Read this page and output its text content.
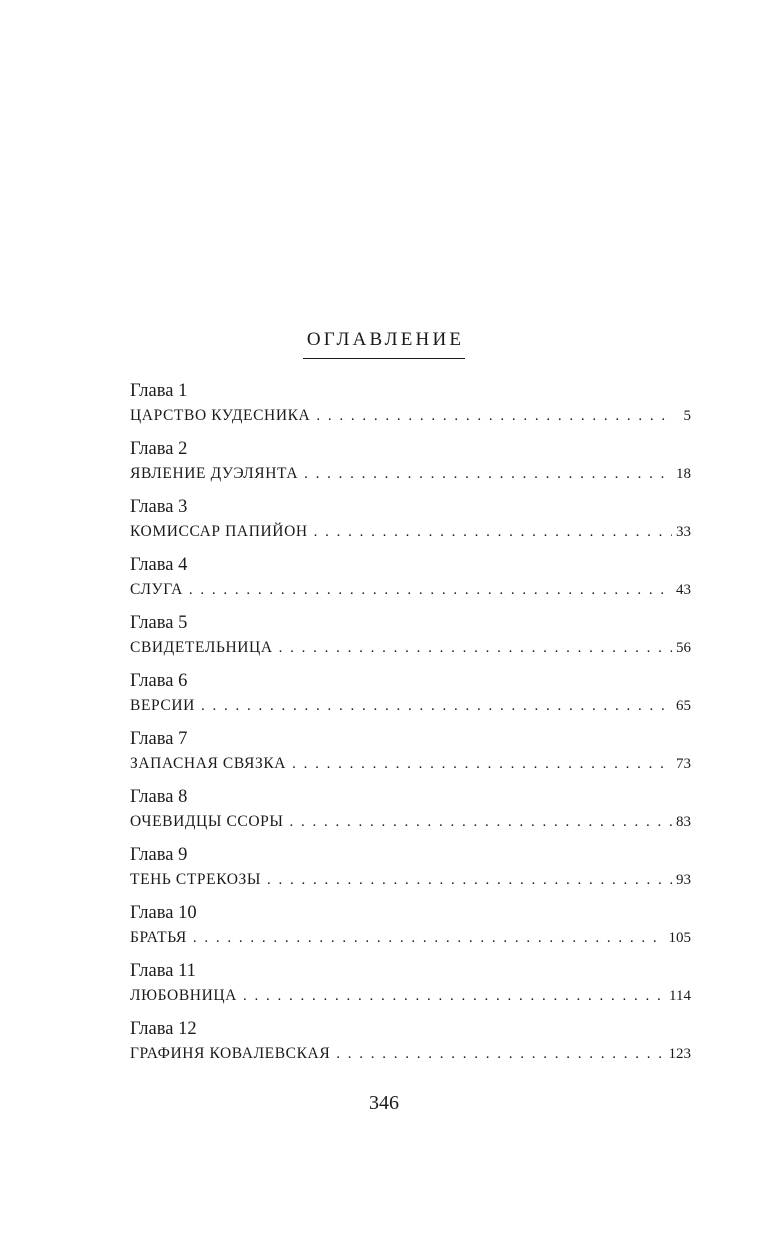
ОГЛАВЛЕНИЕ
Глава 1
ЦАРСТВО КУДЕСНИКА . . .	5
Глава 2
ЯВЛЕНИЕ ДУЭЛЯНТА . . .	18
Глава 3
КОМИССАР ПАПИЙОН . . .	33
Глава 4
СЛУГА . . .	43
Глава 5
СВИДЕТЕЛЬНИЦА . . .	56
Глава 6
ВЕРСИИ . . .	65
Глава 7
ЗАПАСНАЯ СВЯЗКА . . .	73
Глава 8
ОЧЕВИДЦЫ ССОРЫ . . .	83
Глава 9
ТЕНЬ СТРЕКОЗЫ . . .	93
Глава 10
БРАТЬЯ . . .	105
Глава 11
ЛЮБОВНИЦА . . .	114
Глава 12
ГРАФИНЯ КОВАЛЕВСКАЯ . . .	123
346
